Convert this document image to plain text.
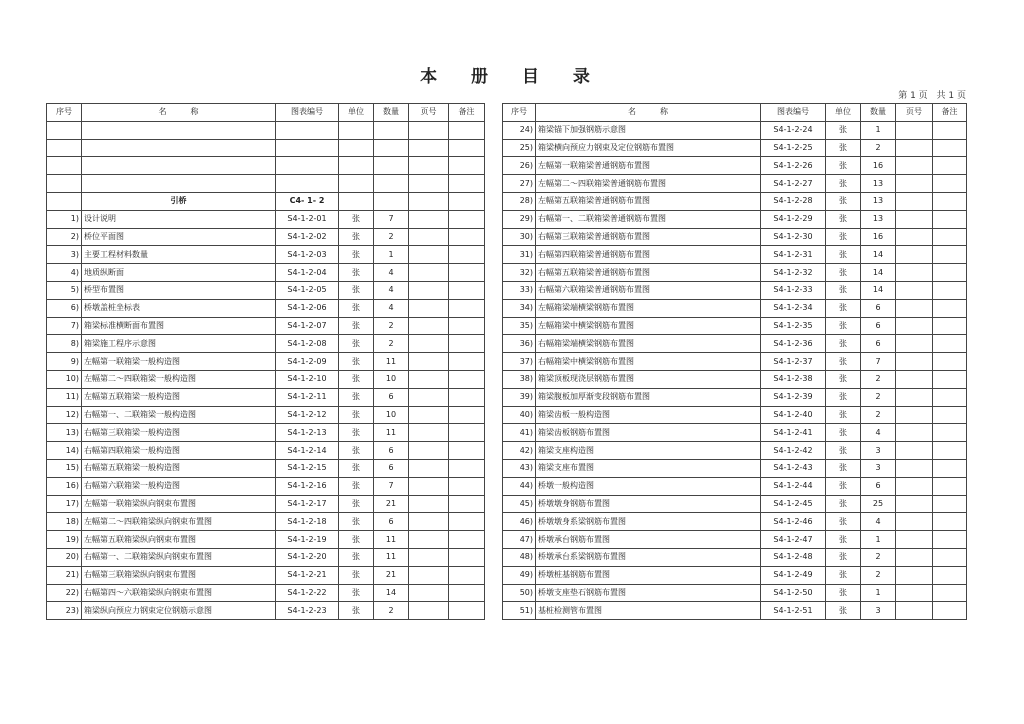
本 册 目 录
第 1 页 共 1 页
序号	名　　　称	图表编号	单位	数量	页号	备注

	引桥	C4- 1- 2				
1)	设计说明	S4-1-2-01	张	7		
2)	桥位平面图	S4-1-2-02	张	2		
3)	主要工程材料数量	S4-1-2-03	张	1		
4)	地质纵断面	S4-1-2-04	张	4		
5)	桥型布置图	S4-1-2-05	张	4		
6)	桥墩盖桩坐标表	S4-1-2-06	张	4		
7)	箱梁标准横断面布置图	S4-1-2-07	张	2		
8)	箱梁施工程序示意图	S4-1-2-08	张	2		
9)	左幅第一联箱梁一般构造图	S4-1-2-09	张	11		
10)	左幅第二～四联箱梁一般构造图	S4-1-2-10	张	10		
11)	左幅第五联箱梁一般构造图	S4-1-2-11	张	6		
12)	右幅第一、二联箱梁一般构造图	S4-1-2-12	张	10		
13)	右幅第三联箱梁一般构造图	S4-1-2-13	张	11		
14)	右幅第四联箱梁一般构造图	S4-1-2-14	张	6		
15)	右幅第五联箱梁一般构造图	S4-1-2-15	张	6		
16)	右幅第六联箱梁一般构造图	S4-1-2-16	张	7		
17)	左幅第一联箱梁纵向钢束布置图	S4-1-2-17	张	21		
18)	左幅第二～四联箱梁纵向钢束布置图	S4-1-2-18	张	6		
19)	左幅第五联箱梁纵向钢束布置图	S4-1-2-19	张	11		
20)	右幅第一、二联箱梁纵向钢束布置图	S4-1-2-20	张	11		
21)	右幅第三联箱梁纵向钢束布置图	S4-1-2-21	张	21		
22)	右幅第四～六联箱梁纵向钢束布置图	S4-1-2-22	张	14		
23)	箱梁纵向预应力钢束定位钢筋示意图	S4-1-2-23	张	2		
序号	名　　　称	图表编号	单位	数量	页号	备注
24)	箱梁锚下加强钢筋示意图	S4-1-2-24	张	1		
25)	箱梁横向预应力钢束及定位钢筋布置图	S4-1-2-25	张	2		
26)	左幅第一联箱梁普通钢筋布置图	S4-1-2-26	张	16		
27)	左幅第二～四联箱梁普通钢筋布置图	S4-1-2-27	张	13		
28)	左幅第五联箱梁普通钢筋布置图	S4-1-2-28	张	13		
29)	右幅第一、二联箱梁普通钢筋布置图	S4-1-2-29	张	13		
30)	右幅第三联箱梁普通钢筋布置图	S4-1-2-30	张	16		
31)	右幅第四联箱梁普通钢筋布置图	S4-1-2-31	张	14		
32)	右幅第五联箱梁普通钢筋布置图	S4-1-2-32	张	14		
33)	右幅第六联箱梁普通钢筋布置图	S4-1-2-33	张	14		
34)	左幅箱梁端横梁钢筋布置图	S4-1-2-34	张	6		
35)	左幅箱梁中横梁钢筋布置图	S4-1-2-35	张	6		
36)	右幅箱梁端横梁钢筋布置图	S4-1-2-36	张	6		
37)	右幅箱梁中横梁钢筋布置图	S4-1-2-37	张	7		
38)	箱梁顶板现浇层钢筋布置图	S4-1-2-38	张	2		
39)	箱梁腹板加厚渐变段钢筋布置图	S4-1-2-39	张	2		
40)	箱梁齿板一般构造图	S4-1-2-40	张	2		
41)	箱梁齿板钢筋布置图	S4-1-2-41	张	4		
42)	箱梁支座构造图	S4-1-2-42	张	3		
43)	箱梁支座布置图	S4-1-2-43	张	3		
44)	桥墩一般构造图	S4-1-2-44	张	6		
45)	桥墩墩身钢筋布置图	S4-1-2-45	张	25		
46)	桥墩墩身系梁钢筋布置图	S4-1-2-46	张	4		
47)	桥墩承台钢筋布置图	S4-1-2-47	张	1		
48)	桥墩承台系梁钢筋布置图	S4-1-2-48	张	2		
49)	桥墩桩基钢筋布置图	S4-1-2-49	张	2		
50)	桥墩支座垫石钢筋布置图	S4-1-2-50	张	1		
51)	基桩检测管布置图	S4-1-2-51	张	3		
